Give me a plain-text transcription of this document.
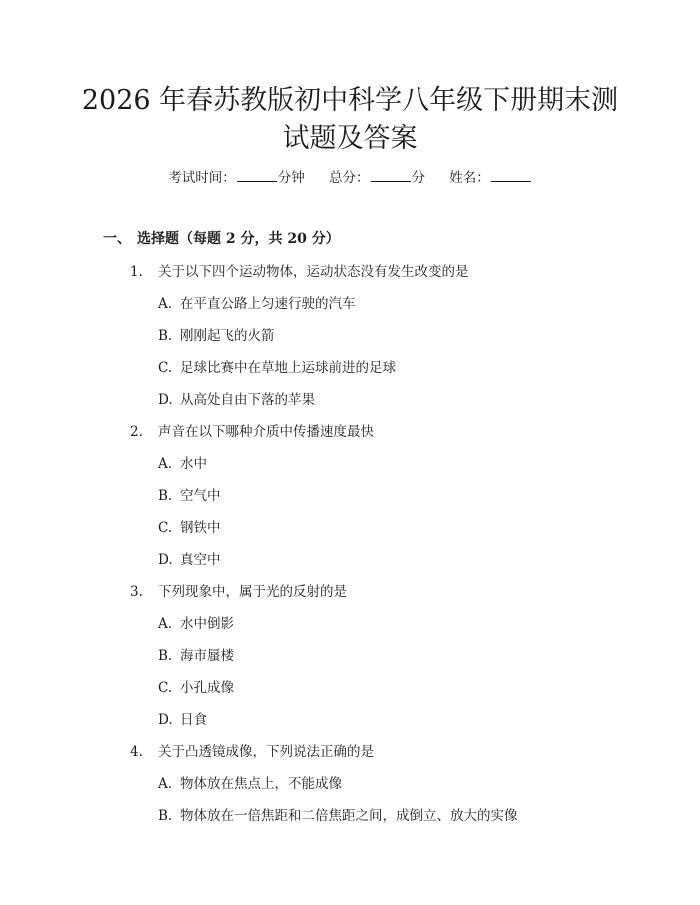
2026 年春苏教版初中科学八年级下册期末测
试题及答案
考试时间：	分钟 总分：	分 姓名：
一、 选择题（每题 2 分，共 20 分）
1. 关于以下四个运动物体，运动状态没有发生改变的是
A. 在平直公路上匀速行驶的汽车
B. 刚刚起飞的火箭
C. 足球比赛中在草地上运球前进的足球
D. 从高处自由下落的苹果
2. 声音在以下哪种介质中传播速度最快
A. 水中
B. 空气中
C. 钢铁中
D. 真空中
3. 下列现象中，属于光的反射的是
A. 水中倒影
B. 海市蜃楼
C. 小孔成像
D. 日食
4. 关于凸透镜成像，下列说法正确的是
A. 物体放在焦点上，不能成像
B. 物体放在一倍焦距和二倍焦距之间，成倒立、放大的实像
